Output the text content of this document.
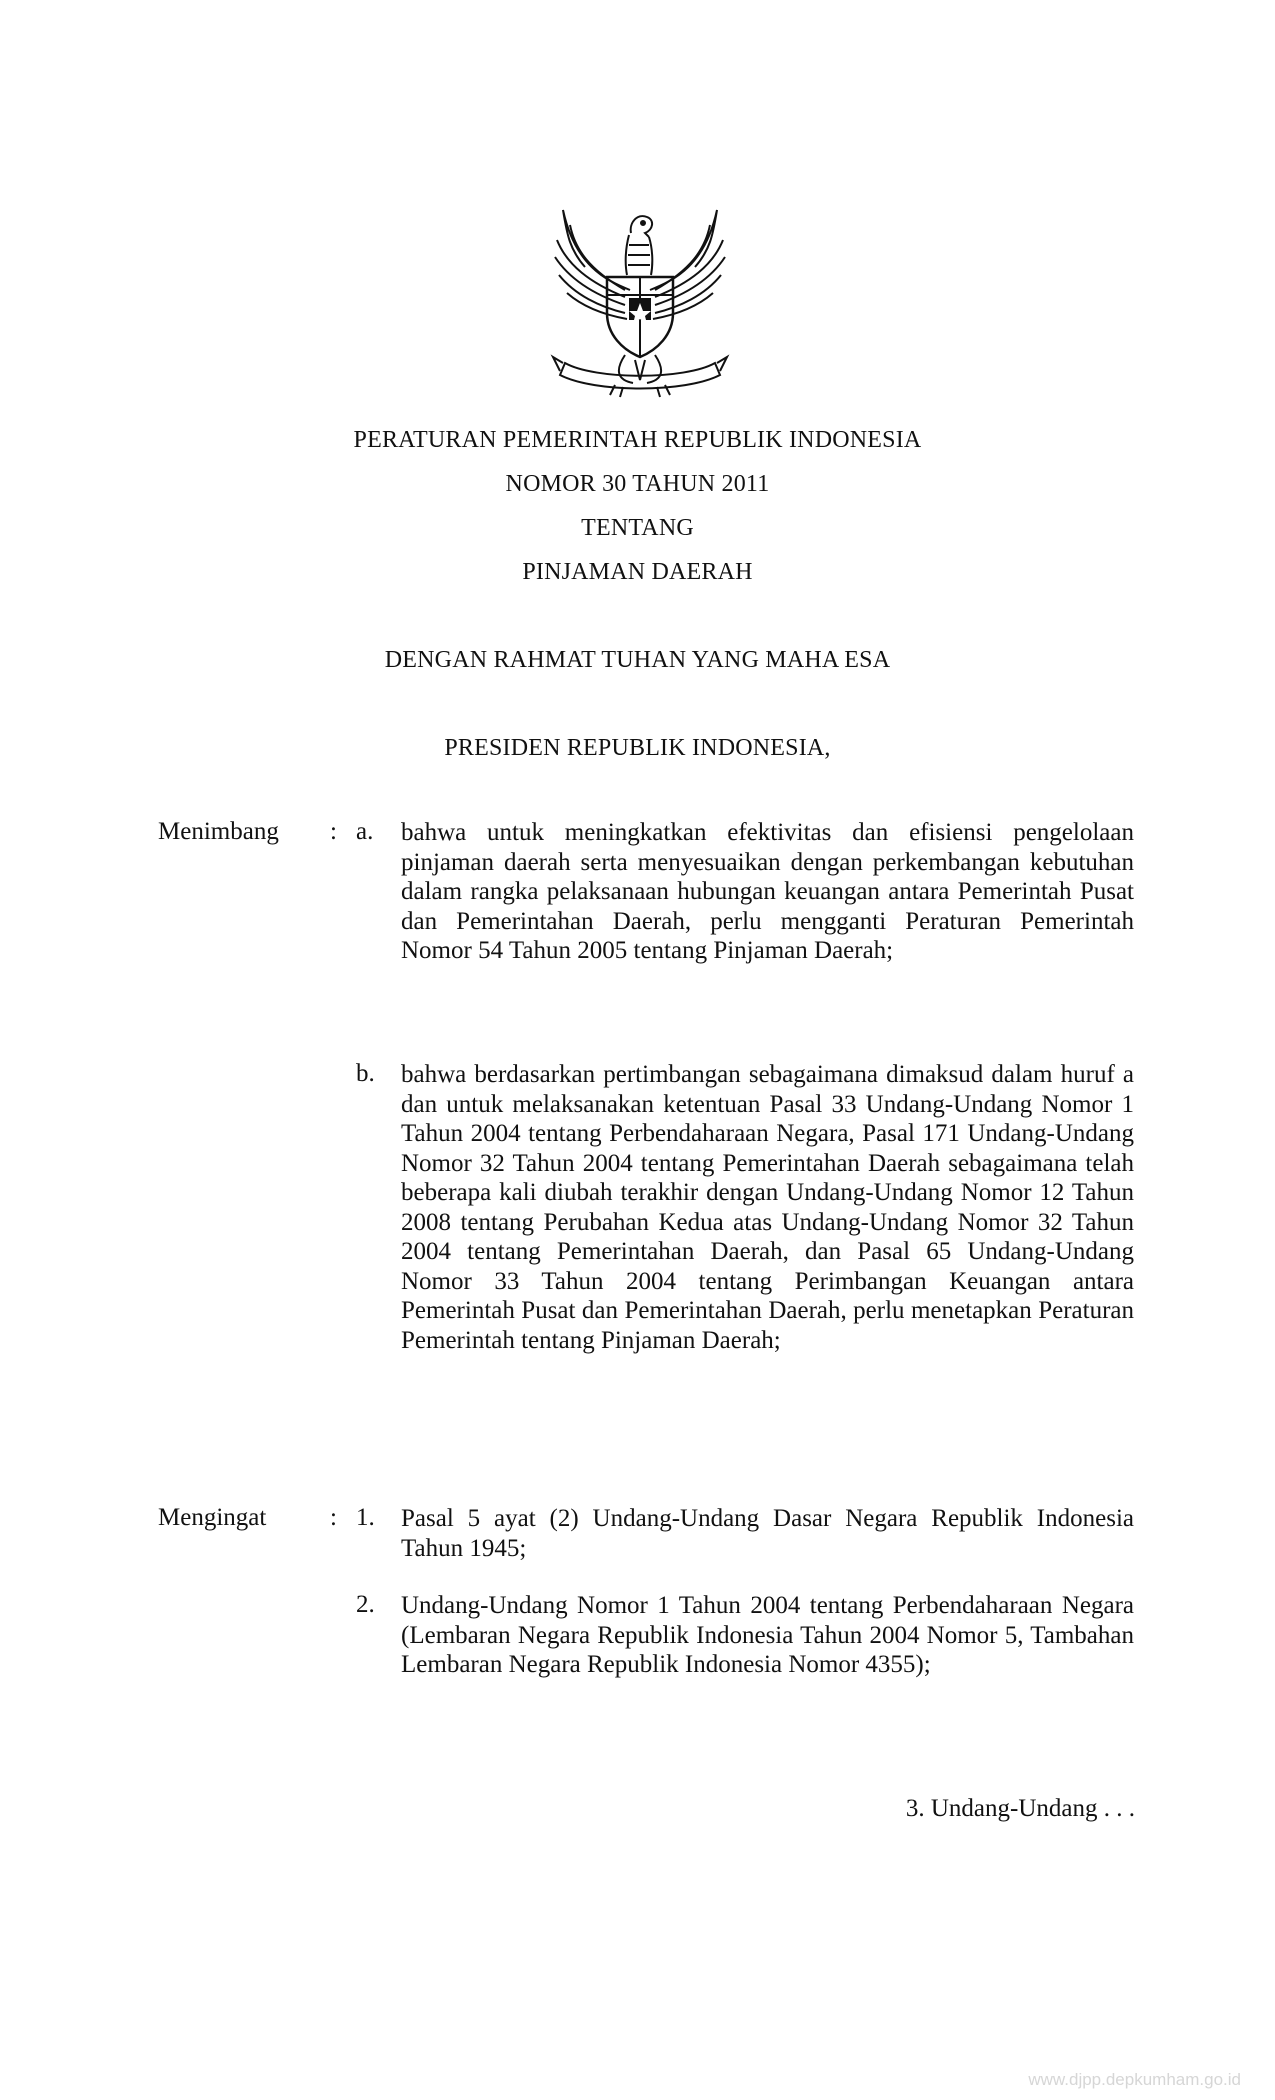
PERATURAN PEMERINTAH REPUBLIK INDONESIA
NOMOR 30 TAHUN 2011
TENTANG
PINJAMAN DAERAH
DENGAN RAHMAT TUHAN YANG MAHA ESA
PRESIDEN REPUBLIK INDONESIA,
Menimbang : a.	bahwa untuk meningkatkan efektivitas dan efisiensi pengelolaan pinjaman daerah serta menyesuaikan dengan perkembangan kebutuhan dalam rangka pelaksanaan hubungan keuangan antara Pemerintah Pusat dan Pemerintahan Daerah, perlu mengganti Peraturan Pemerintah Nomor 54 Tahun 2005 tentang Pinjaman Daerah;
b.	bahwa berdasarkan pertimbangan sebagaimana dimaksud dalam huruf a dan untuk melaksanakan ketentuan Pasal 33 Undang-Undang Nomor 1 Tahun 2004 tentang Perbendaharaan Negara, Pasal 171 Undang-Undang Nomor 32 Tahun 2004 tentang Pemerintahan Daerah sebagaimana telah beberapa kali diubah terakhir dengan Undang-Undang Nomor 12 Tahun 2008 tentang Perubahan Kedua atas Undang-Undang Nomor 32 Tahun 2004 tentang Pemerintahan Daerah, dan Pasal 65 Undang-Undang Nomor 33 Tahun 2004 tentang Perimbangan Keuangan antara Pemerintah Pusat dan Pemerintahan Daerah, perlu menetapkan Peraturan Pemerintah tentang Pinjaman Daerah;
Mengingat	: 1.	Pasal 5 ayat (2) Undang-Undang Dasar Negara Republik Indonesia Tahun 1945;
2.	Undang-Undang Nomor 1 Tahun 2004 tentang Perbendaharaan Negara (Lembaran Negara Republik Indonesia Tahun 2004 Nomor 5, Tambahan Lembaran Negara Republik Indonesia Nomor 4355);
3. Undang-Undang . . .
www.djpp.depkumham.go.id
